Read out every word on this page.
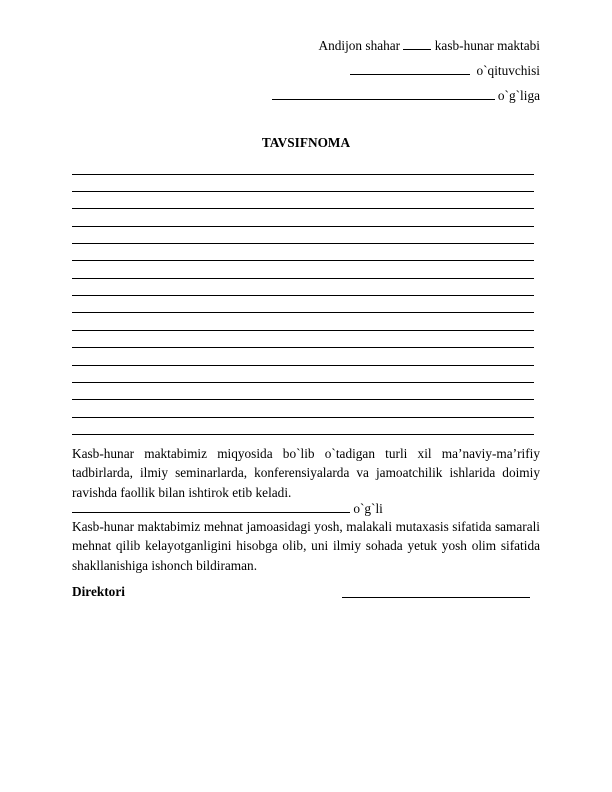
Andijon shahar	kasb-hunar maktabi
o`qituvchisi
o`g`liga
TAVSIFNOMA
Kasb-hunar maktabimiz miqyosida bo`lib o`tadigan turli xil ma’naviy-ma’rifiy tadbirlarda, ilmiy seminarlarda, konferensiyalarda va jamoatchilik ishlarida doimiy ravishda faollik bilan ishtirok etib keladi.
o`g`li
Kasb-hunar maktabimiz mehnat jamoasidagi yosh, malakali mutaxasis sifatida samarali mehnat qilib kelayotganligini hisobga olib, uni ilmiy sohada yetuk yosh olim sifatida shakllanishiga ishonch bildiraman.
Direktori
